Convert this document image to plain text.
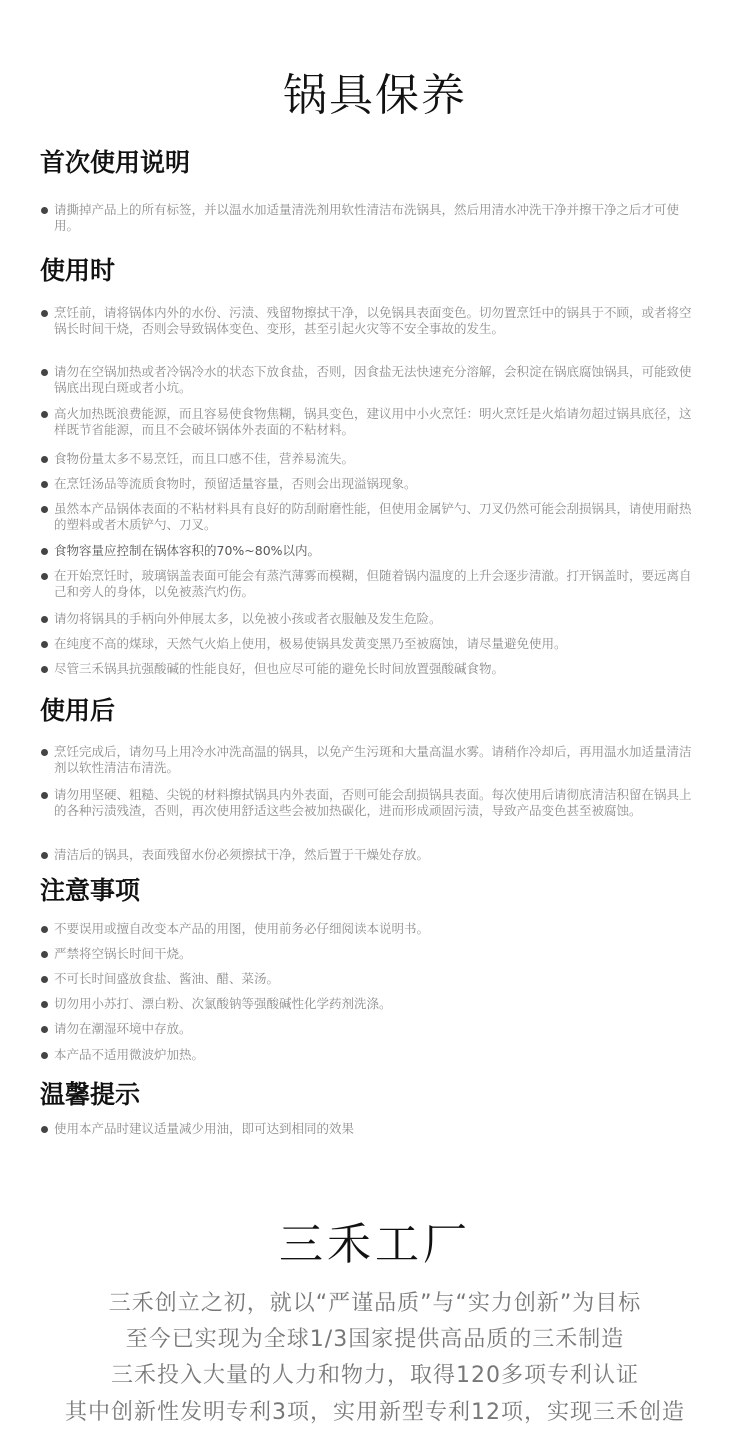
锅具保养
首次使用说明
请撕掉产品上的所有标签，并以温水加适量清洗剂用软性清洁布洗锅具，然后用清水冲洗干净并擦干净之后才可使用。
使用时
烹饪前，请将锅体内外的水份、污渍、残留物擦拭干净，以免锅具表面变色。切勿置烹饪中的锅具于不顾，或者将空锅长时间干烧，否则会导致锅体变色、变形，甚至引起火灾等不安全事故的发生。
请勿在空锅加热或者冷锅冷水的状态下放食盐，否则，因食盐无法快速充分溶解，会积淀在锅底腐蚀锅具，可能致使锅底出现白斑或者小坑。
高火加热既浪费能源，而且容易使食物焦糊，锅具变色，建议用中小火烹饪：明火烹饪是火焰请勿超过锅具底径，这样既节省能源，而且不会破坏锅体外表面的不粘材料。
食物份量太多不易烹饪，而且口感不佳，营养易流失。
在烹饪汤品等流质食物时，预留适量容量，否则会出现溢锅现象。
虽然本产品锅体表面的不粘材料具有良好的防刮耐磨性能，但使用金属铲勺、刀叉仍然可能会刮损锅具，请使用耐热的塑料或者木质铲勺、刀叉。
食物容量应控制在锅体容积的70%~80%以内。
在开始烹饪时，玻璃锅盖表面可能会有蒸汽薄雾而模糊，但随着锅内温度的上升会逐步清澈。打开锅盖时，要远离自己和旁人的身体，以免被蒸汽灼伤。
请勿将锅具的手柄向外伸展太多，以免被小孩或者衣服触及发生危险。
在纯度不高的煤球，天然气火焰上使用，极易使锅具发黄变黑乃至被腐蚀，请尽量避免使用。
尽管三禾锅具抗强酸碱的性能良好，但也应尽可能的避免长时间放置强酸碱食物。
使用后
烹饪完成后，请勿马上用冷水冲洗高温的锅具，以免产生污斑和大量高温水雾。请稍作冷却后，再用温水加适量清洁剂以软性清洁布清洗。
请勿用坚硬、粗糙、尖锐的材料擦拭锅具内外表面，否则可能会刮损锅具表面。每次使用后请彻底清洁积留在锅具上的各种污渍残渣，否则，再次使用舒适这些会被加热碳化，进而形成顽固污渍，导致产品变色甚至被腐蚀。
清洁后的锅具，表面残留水份必须擦拭干净，然后置于干燥处存放。
注意事项
不要误用或擅自改变本产品的用图，使用前务必仔细阅读本说明书。
严禁将空锅长时间干烧。
不可长时间盛放食盐、酱油、醋、菜汤。
切勿用小苏打、漂白粉、次氯酸钠等强酸碱性化学药剂洗涤。
请勿在潮湿环境中存放。
本产品不适用微波炉加热。
温馨提示
使用本产品时建议适量减少用油，即可达到相同的效果
三禾工厂
三禾创立之初，就以“严谨品质”与“实力创新”为目标
至今已实现为全球1/3国家提供高品质的三禾制造
三禾投入大量的人力和物力，取得120多项专利认证
其中创新性发明专利3项，实用新型专利12项，实现三禾创造
